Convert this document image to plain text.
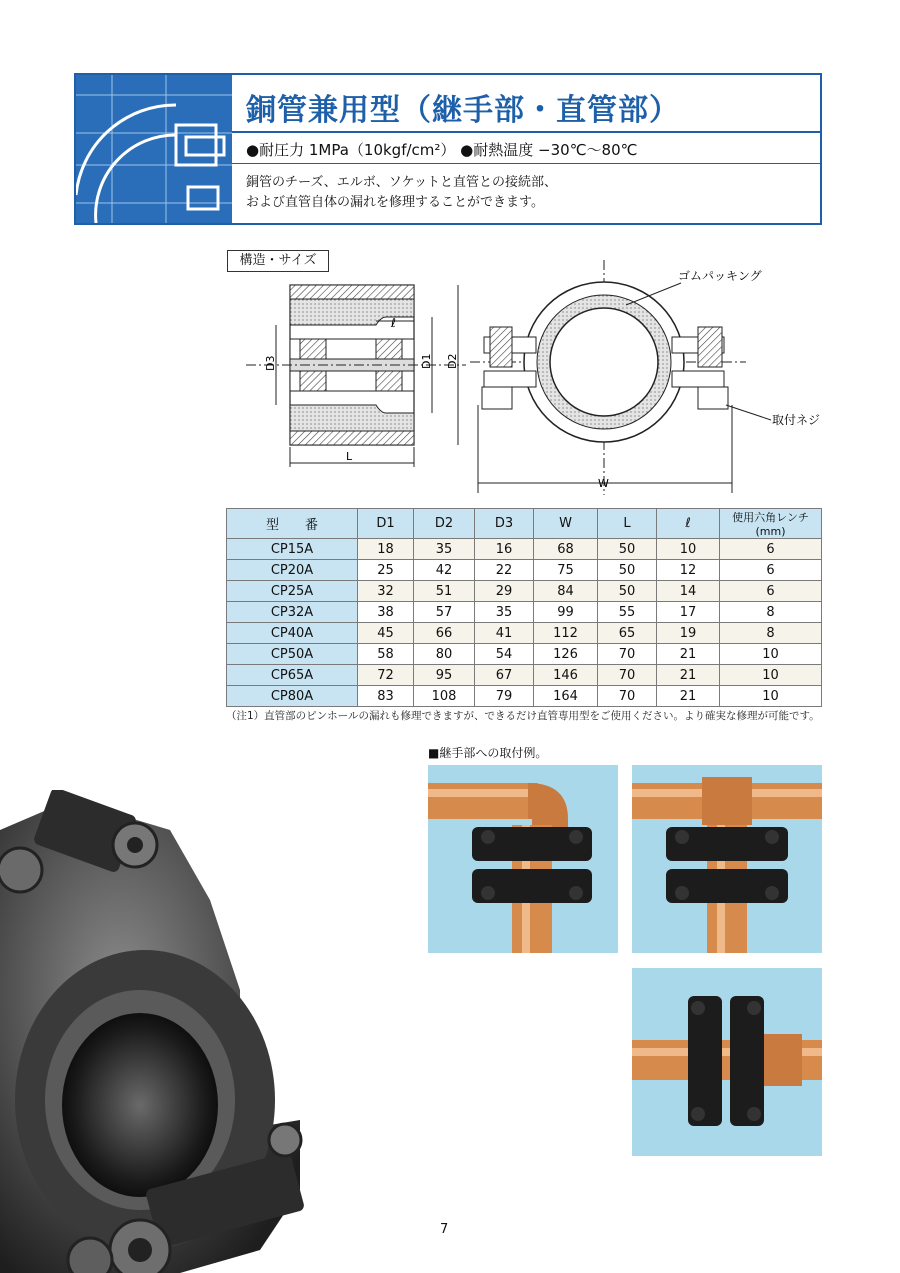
銅管兼用型（継手部・直管部）
●耐圧力 1MPa（10kgf/cm²） ●耐熱温度 −30℃〜80℃
銅管のチーズ、エルボ、ソケットと直管との接続部、
および直管自体の漏れを修理することができます。
構造・サイズ
D3	D1 D2
ℓ
L
W
ゴムパッキング
取付ネジ
型　　番	D1	D2	D3	W	L	ℓ	使用六角レンチ(mm)
CP15A	18	35	16	68	50	10	6
CP20A	25	42	22	75	50	12	6
CP25A	32	51	29	84	50	14	6
CP32A	38	57	35	99	55	17	8
CP40A	45	66	41	112	65	19	8
CP50A	58	80	54	126	70	21	10
CP65A	72	95	67	146	70	21	10
CP80A	83	108	79	164	70	21	10
（注1）直管部のピンホールの漏れも修理できますが、できるだけ直管専用型をご使用ください。より確実な修理が可能です。
■継手部への取付例。
7
